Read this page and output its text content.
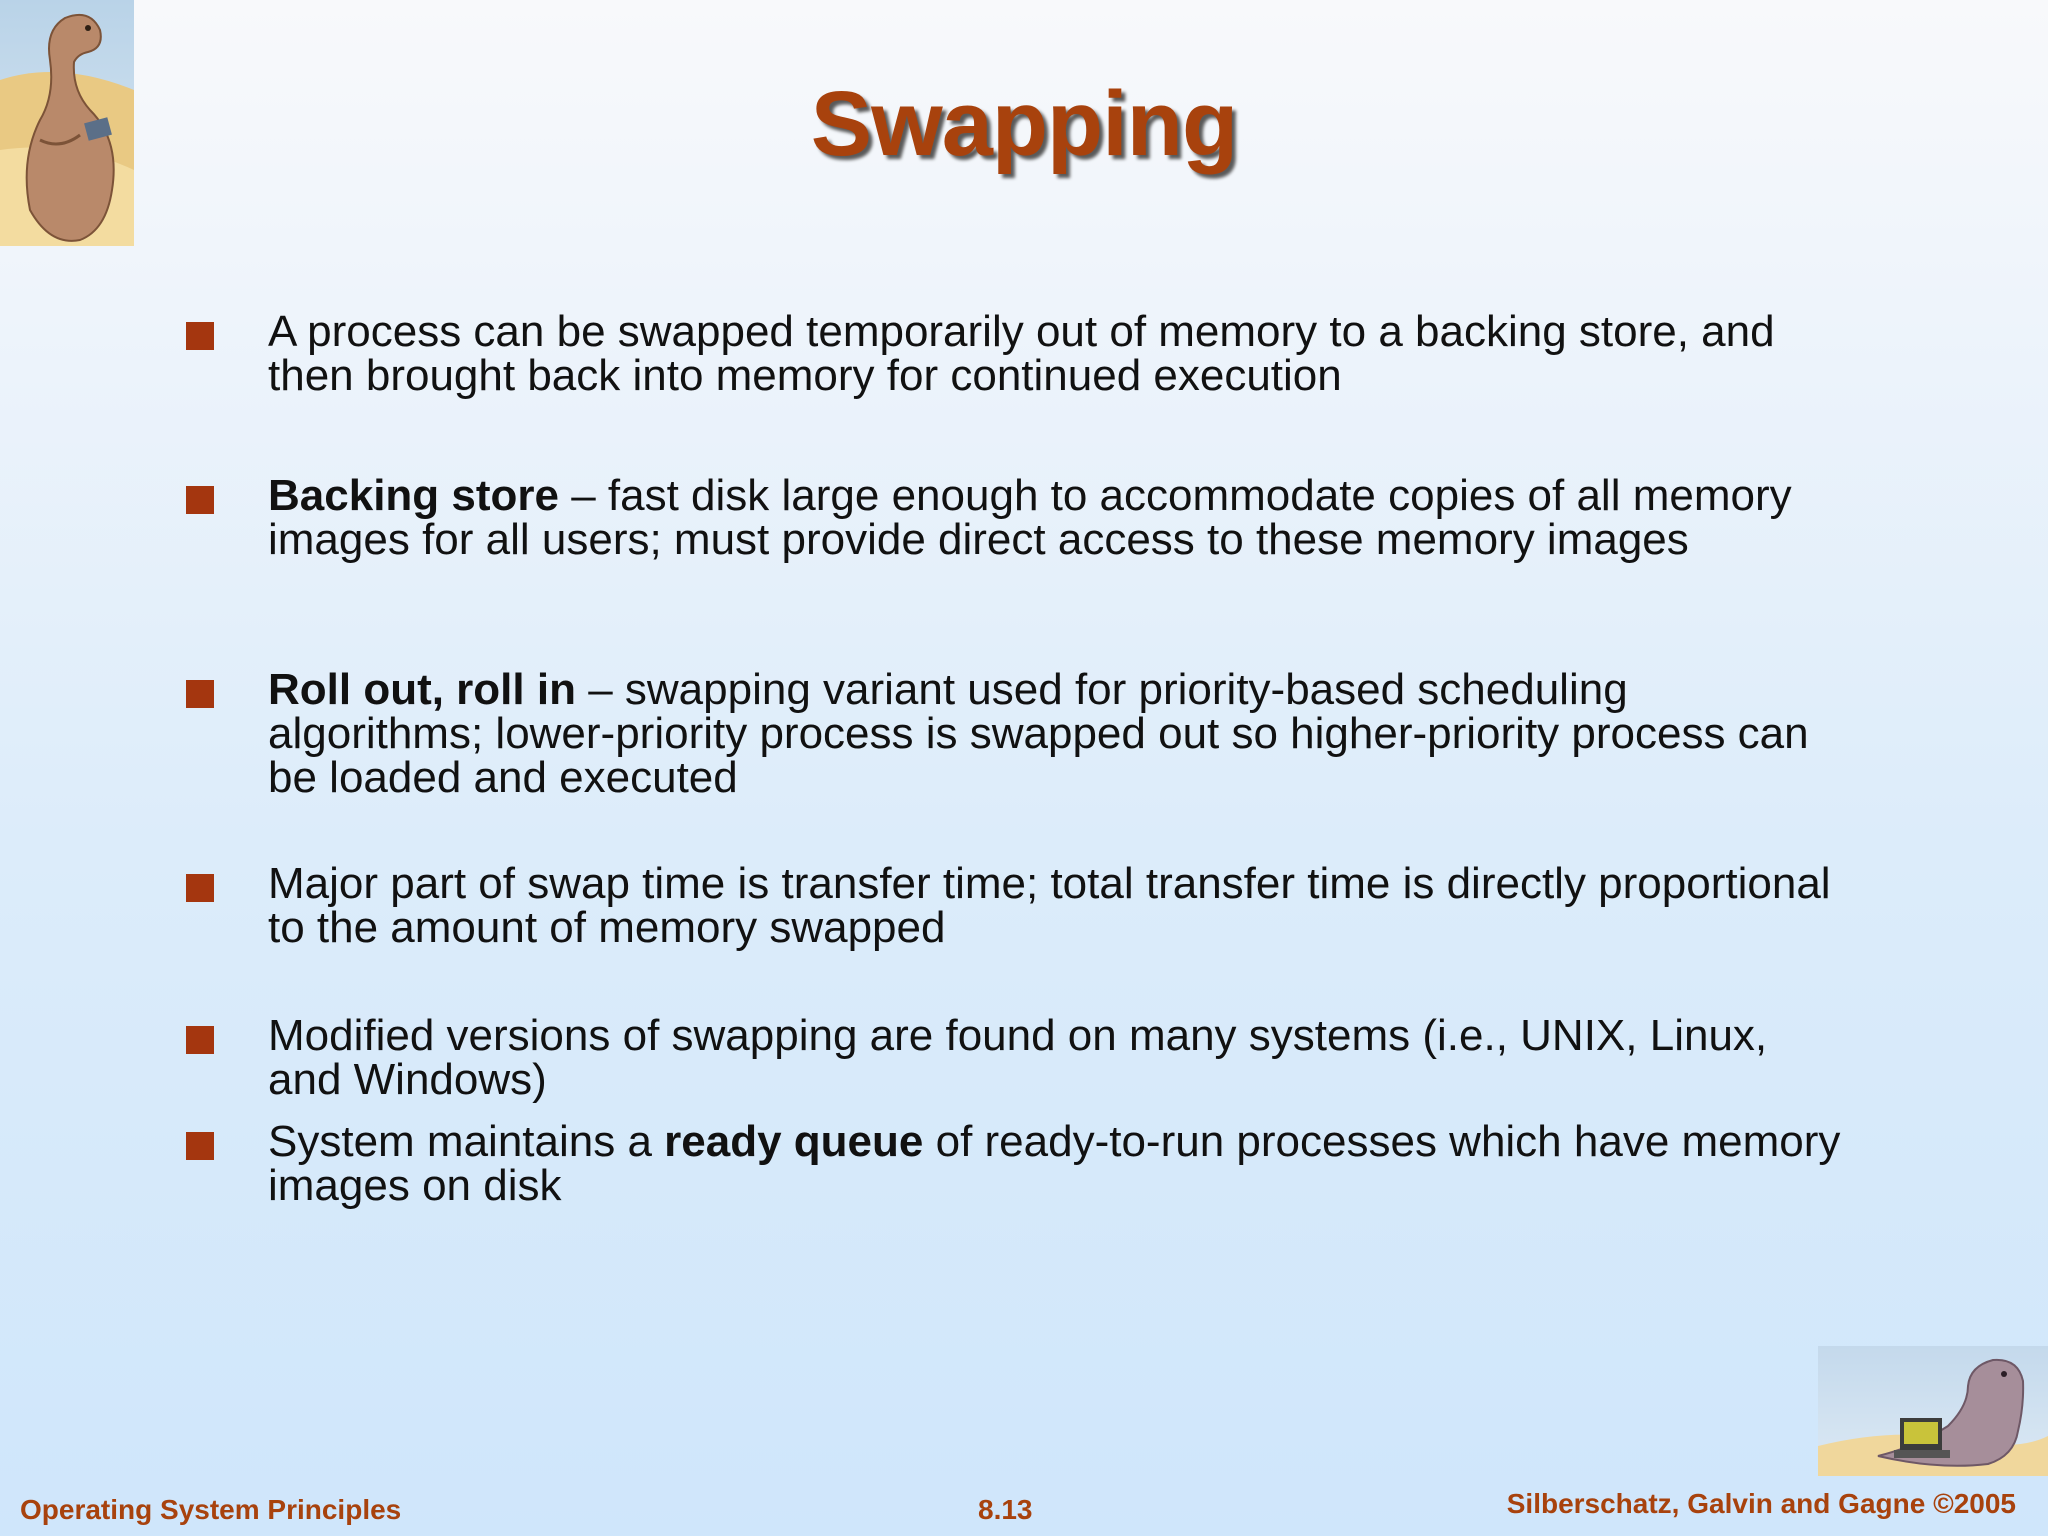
Swapping
A process can be swapped temporarily out of memory to a backing store, and then brought back into memory for continued execution
Backing store – fast disk large enough to accommodate copies of all memory images for all users; must provide direct access to these memory images
Roll out, roll in – swapping variant used for priority-based scheduling algorithms; lower-priority process is swapped out so higher-priority process can be loaded and executed
Major part of swap time is transfer time; total transfer time is directly proportional to the amount of memory swapped
Modified versions of swapping are found on many systems (i.e., UNIX, Linux, and Windows)
System maintains a ready queue of ready-to-run processes which have memory images on disk
Operating System Principles	8.13	Silberschatz, Galvin and Gagne ©2005
